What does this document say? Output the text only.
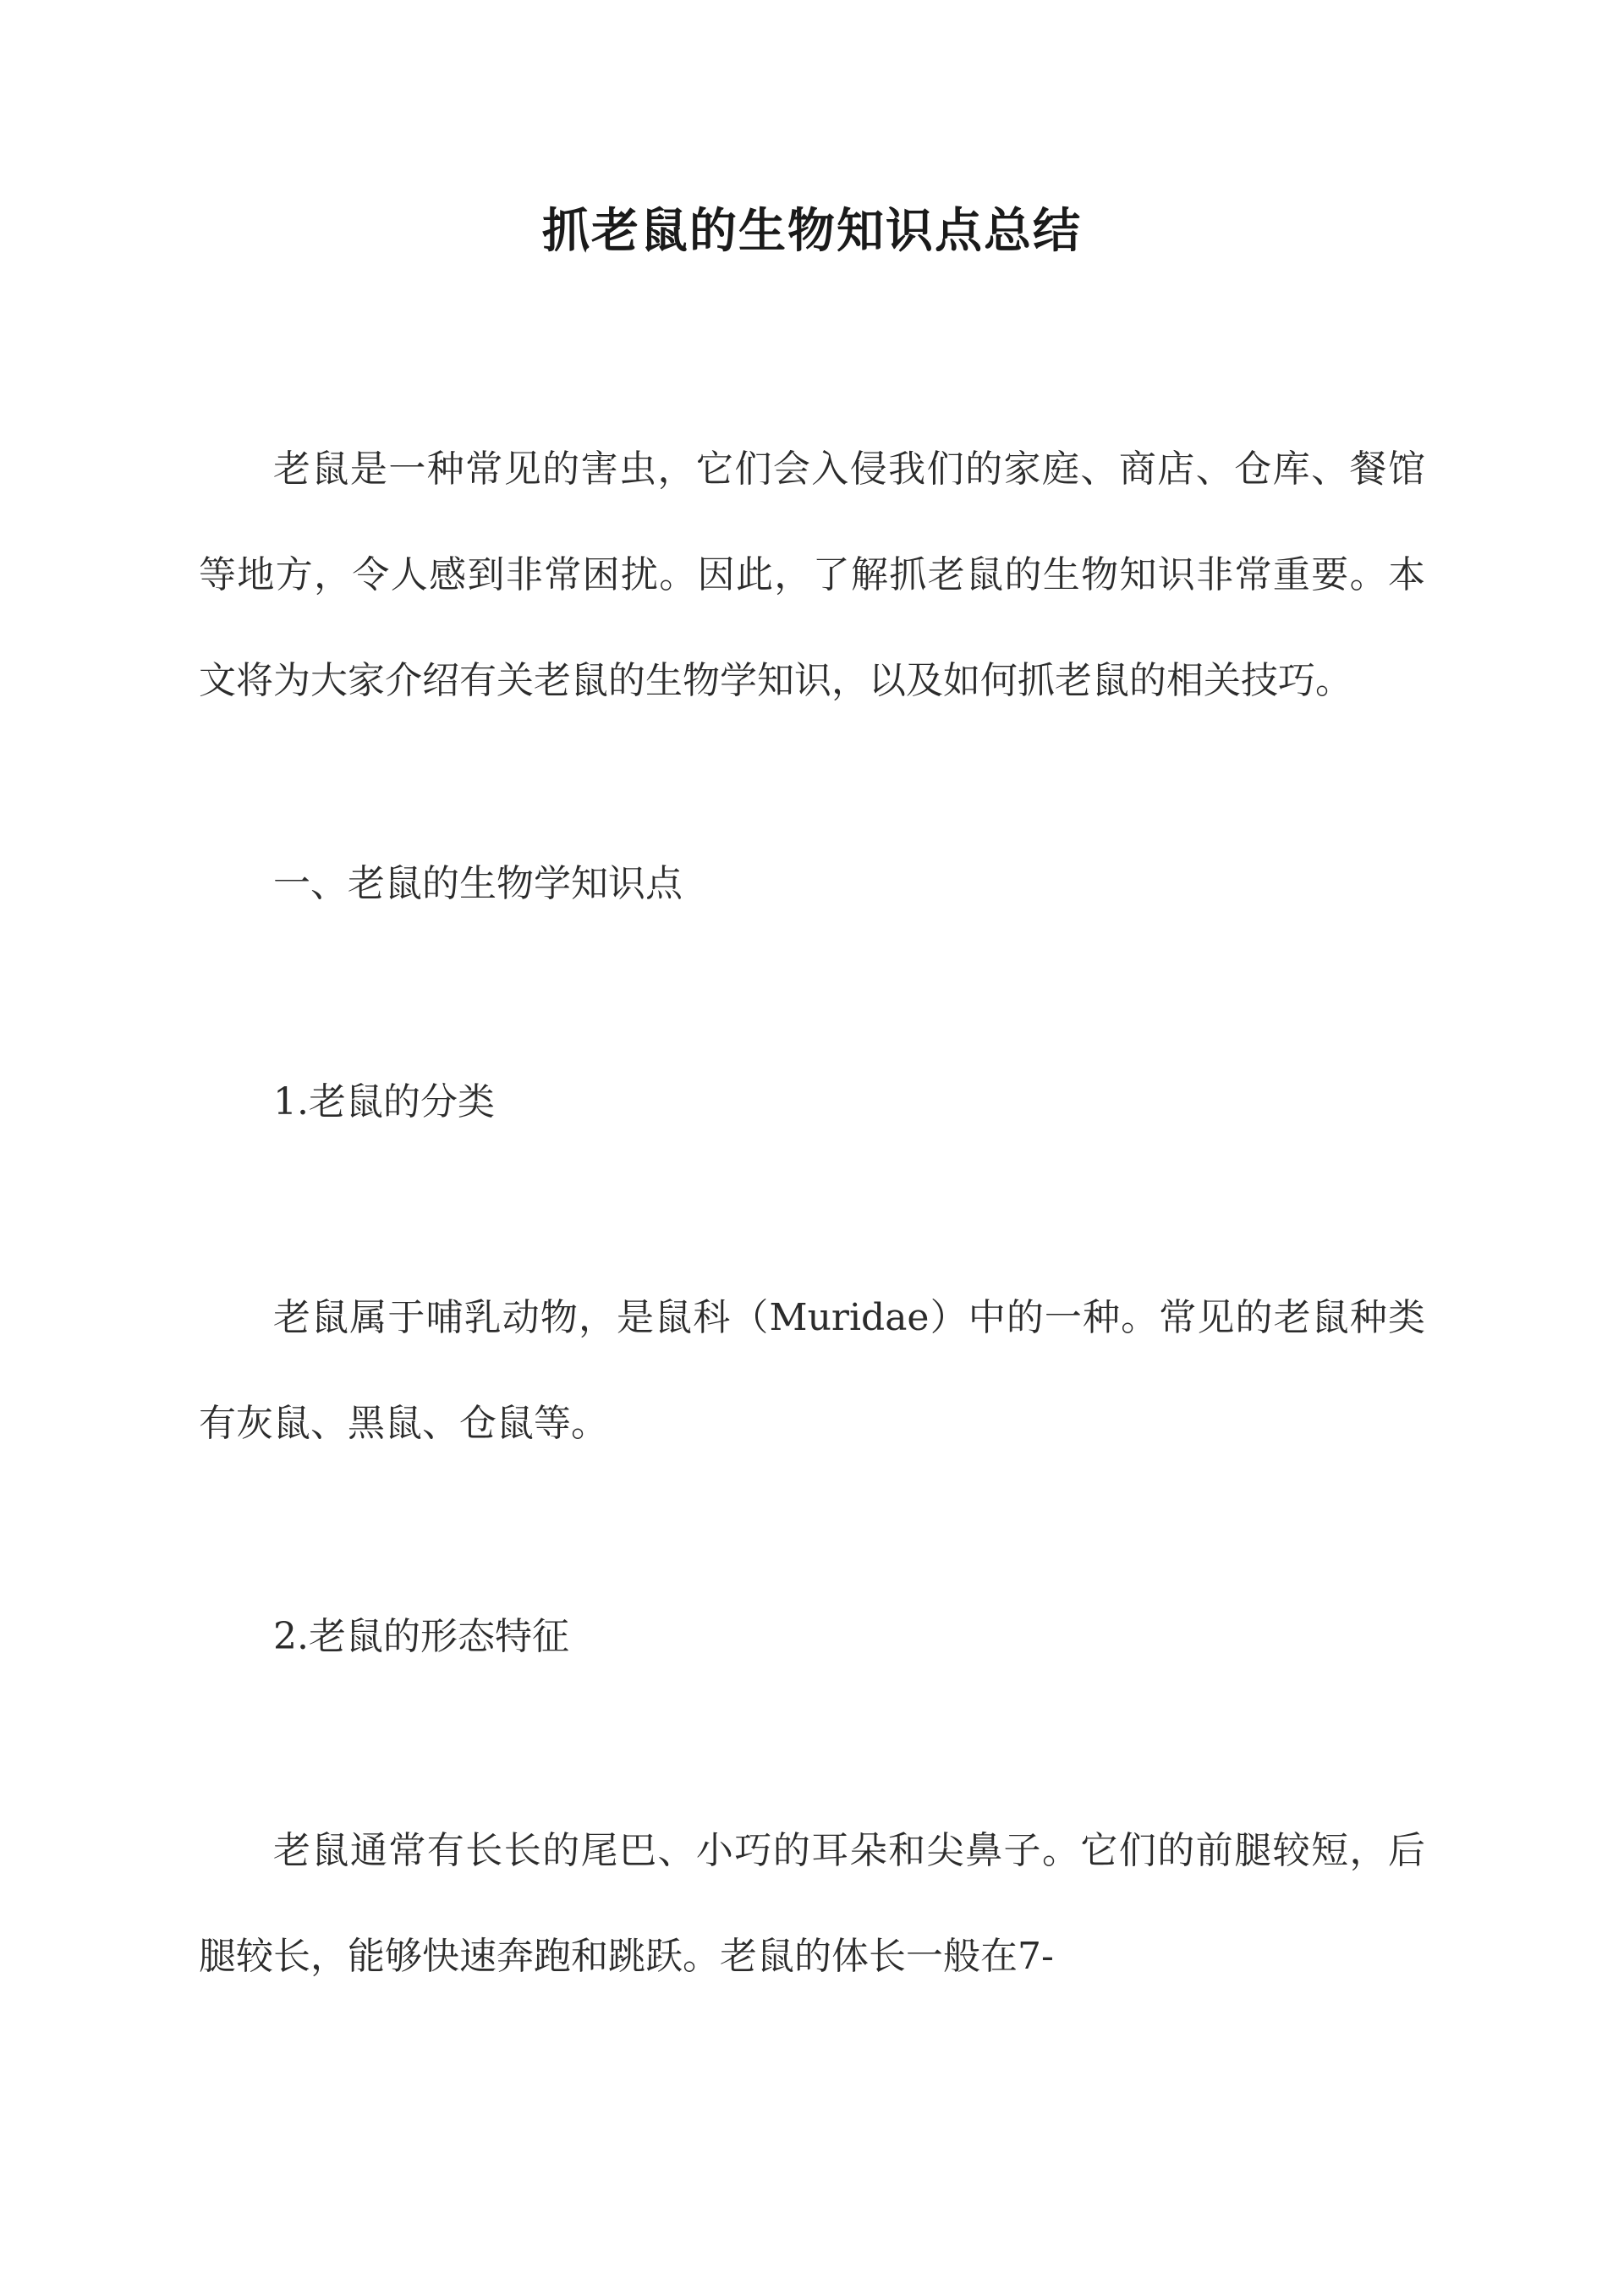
抓老鼠的生物知识点总结

老鼠是一种常见的害虫，它们会入侵我们的家庭、商店、仓库、餐馆等地方，令人感到非常困扰。因此，了解抓老鼠的生物知识非常重要。本文将为大家介绍有关老鼠的生物学知识，以及如何抓老鼠的相关技巧。

一、老鼠的生物学知识点

1.老鼠的分类

老鼠属于哺乳动物，是鼠科（Muridae）中的一种。常见的老鼠种类有灰鼠、黑鼠、仓鼠等。

2.老鼠的形态特征

老鼠通常有长长的尾巴、小巧的耳朵和尖鼻子。它们的前腿较短，后腿较长，能够快速奔跑和跳跃。老鼠的体长一般在7-
